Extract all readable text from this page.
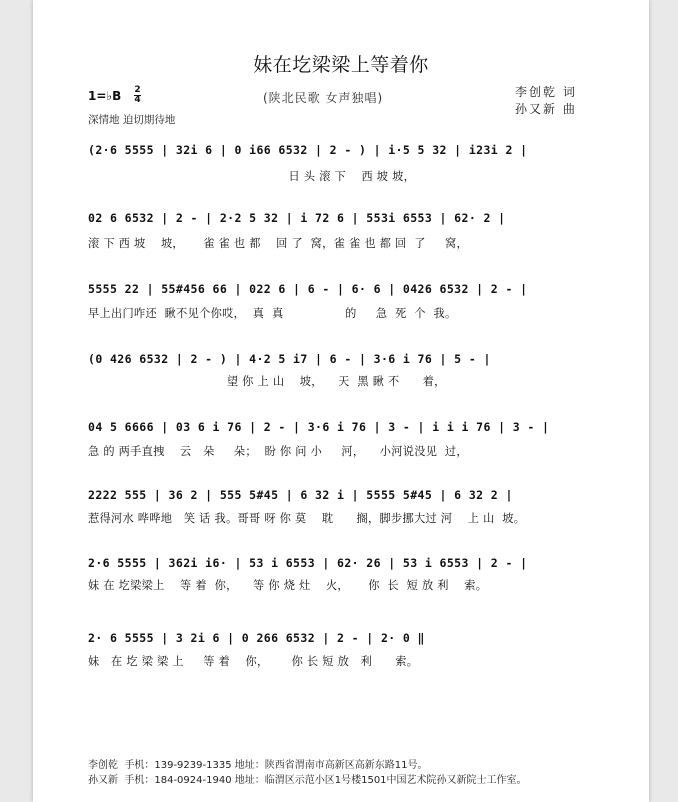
妹在圪梁梁上等着你
(陕北民歌 女声独唱)	李创乾 词
孙又新 曲
1=♭B 2
4
深情地 迫切期待地
(2·6 5555 | 32i 6 | 0 i66 6532 | 2 - ) | i·5 5 32 | i23i 2 |
日 头 滚 下    西 坡 坡，
02 6 6532 | 2 - | 2·2 5 32 | i 72 6 | 553i 6553 | 62· 2 |
滚 下 西 坡    坡，     雀 雀 也 都    回 了  窝，雀 雀 也 都 回  了     窝，
5555 22 | 55#456 66 | 022 6 | 6 - | 6· 6 | 0426 6532 | 2 - |
早上出门咋还  瞅不见个你哎，  真  真                的     急  死  个  我。
(0 426 6532 | 2 - ) | 4·2 5 i7 | 6 - | 3·6 i 76 | 5 - |
望 你 上 山    坡，    天  黑 瞅 不      着，
04 5 6666 | 03 6 i 76 | 2 - | 3·6 i 76 | 3 - | i i i 76 | 3 - |
急 的 两手直拽    云   朵     朵；  盼 你 问 小     河，    小河说没见  过，
2222 555 | 36 2 | 555 5#45 | 6 32 i | 5555 5#45 | 6 32 2 |
惹得河水 哗哗地   笑 话 我。哥哥 呀 你 莫    耽      搁，脚步挪大过 河    上 山  坡。
2·6 5555 | 362i i6· | 53 i 6553 | 62· 26 | 53 i 6553 | 2 - |
妹 在 圪梁梁上    等 着  你，    等 你 烧 灶    火，     你  长  短 放 利    索。
2· 6 5555 | 3 2i 6 | 0 266 6532 | 2 - | 2· 0 ‖
妹   在 圪 梁 梁 上     等 着    你，      你 长 短 放   利      索。
李创乾  手机：139-9239-1335 地址：陕西省渭南市高新区高新东路11号。
孙又新  手机：184-0924-1940 地址：临渭区示范小区1号楼1501中国艺术院孙又新院士工作室。
